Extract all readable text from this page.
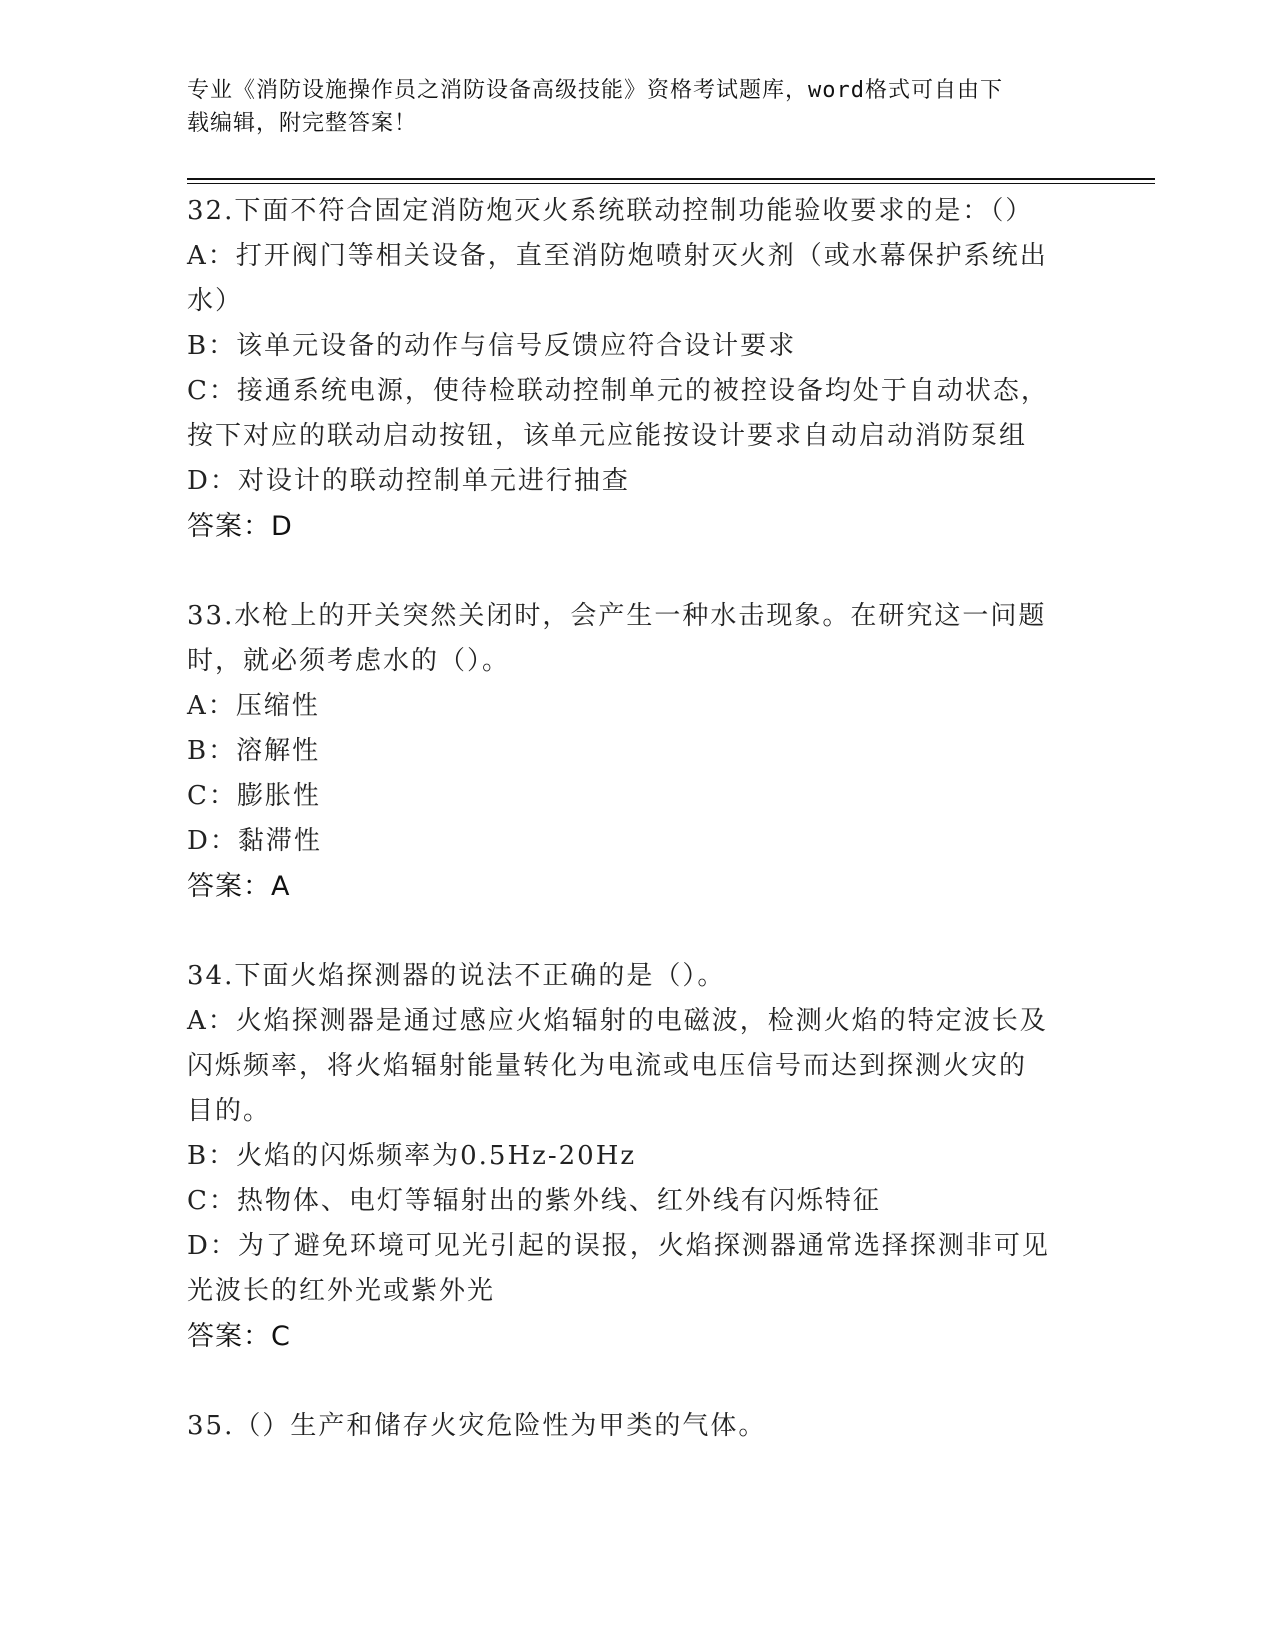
专业《消防设施操作员之消防设备高级技能》资格考试题库，word格式可自由下
载编辑，附完整答案！
32.下面不符合固定消防炮灭火系统联动控制功能验收要求的是：（）
A：打开阀门等相关设备，直至消防炮喷射灭火剂（或水幕保护系统出
水）
B：该单元设备的动作与信号反馈应符合设计要求
C：接通系统电源，使待检联动控制单元的被控设备均处于自动状态，
按下对应的联动启动按钮，该单元应能按设计要求自动启动消防泵组
D：对设计的联动控制单元进行抽查
答案：D
33.水枪上的开关突然关闭时，会产生一种水击现象。在研究这一问题
时，就必须考虑水的（）。
A：压缩性
B：溶解性
C：膨胀性
D：黏滞性
答案：A
34.下面火焰探测器的说法不正确的是（）。
A：火焰探测器是通过感应火焰辐射的电磁波，检测火焰的特定波长及
闪烁频率，将火焰辐射能量转化为电流或电压信号而达到探测火灾的
目的。
B：火焰的闪烁频率为0.5Hz-20Hz
C：热物体、电灯等辐射出的紫外线、红外线有闪烁特征
D：为了避免环境可见光引起的误报，火焰探测器通常选择探测非可见
光波长的红外光或紫外光
答案：C
35.（）生产和储存火灾危险性为甲类的气体。
